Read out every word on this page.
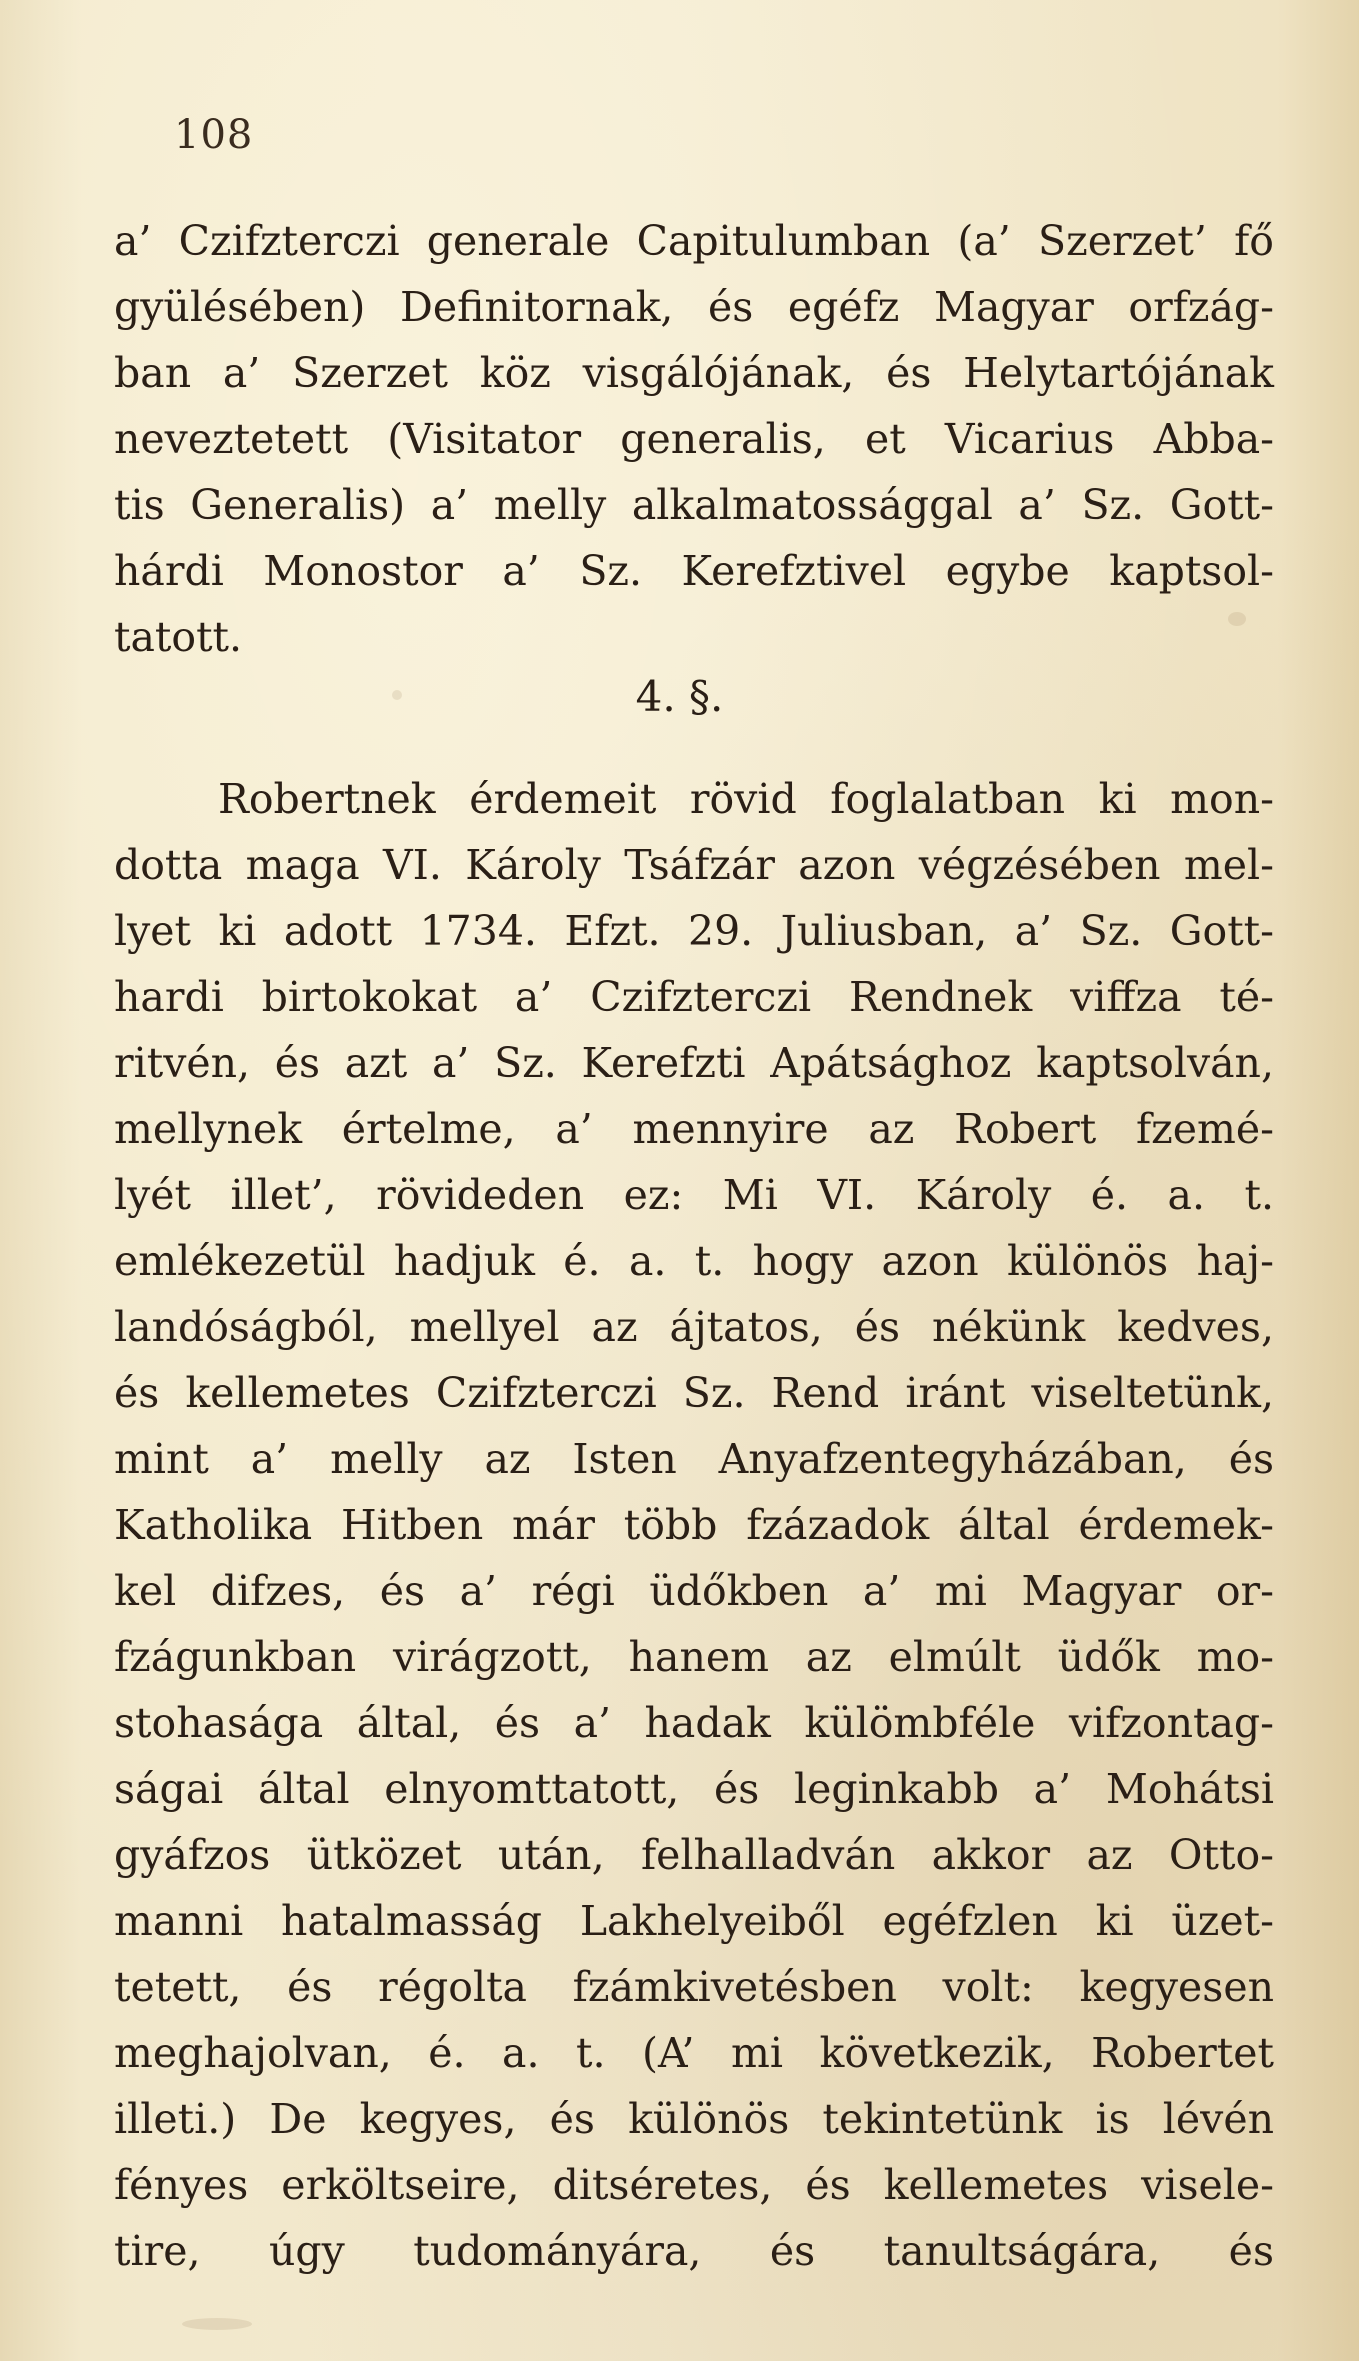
108
a’ Czifzterczi generale Capitulumban (a’ Szerzet’ fő
gyülésében) Definitornak, és egéfz Magyar orfzág-
ban a’ Szerzet köz visgálójának, és Helytartójának
neveztetett (Visitator generalis, et Vicarius Abba-
tis Generalis) a’ melly alkalmatossággal a’ Sz. Gott-
hárdi Monostor a’ Sz. Kerefztivel egybe kaptsol-
tatott.
4. §.
Robertnek érdemeit rövid foglalatban ki mon-
dotta maga VI. Károly Tsáfzár azon végzésében mel-
lyet ki adott 1734. Efzt. 29. Juliusban, a’ Sz. Gott-
hardi birtokokat a’ Czifzterczi Rendnek viffza té-
ritvén, és azt a’ Sz. Kerefzti Apátsághoz kaptsolván,
mellynek értelme, a’ mennyire az Robert fzemé-
lyét illet’, rövideden ez: Mi VI. Károly é. a. t.
emlékezetül hadjuk é. a. t. hogy azon különös haj-
landóságból, mellyel az ájtatos, és nékünk kedves,
és kellemetes Czifzterczi Sz. Rend iránt viseltetünk,
mint a’ melly az Isten Anyafzentegyházában, és
Katholika Hitben már több fzázadok által érdemek-
kel difzes, és a’ régi üdőkben a’ mi Magyar or-
fzágunkban virágzott, hanem az elmúlt üdők mo-
stohasága által, és a’ hadak külömbféle vifzontag-
ságai által elnyomttatott, és leginkabb a’ Mohátsi
gyáfzos ütközet után, felhalladván akkor az Otto-
manni hatalmasság Lakhelyeiből egéfzlen ki üzet-
tetett, és régolta fzámkivetésben volt: kegyesen
meghajolvan, é. a. t. (A’ mi következik, Robertet
illeti.) De kegyes, és különös tekintetünk is lévén
fényes erköltseire, ditséretes, és kellemetes visele-
tire, úgy tudományára, és tanultságára, és
